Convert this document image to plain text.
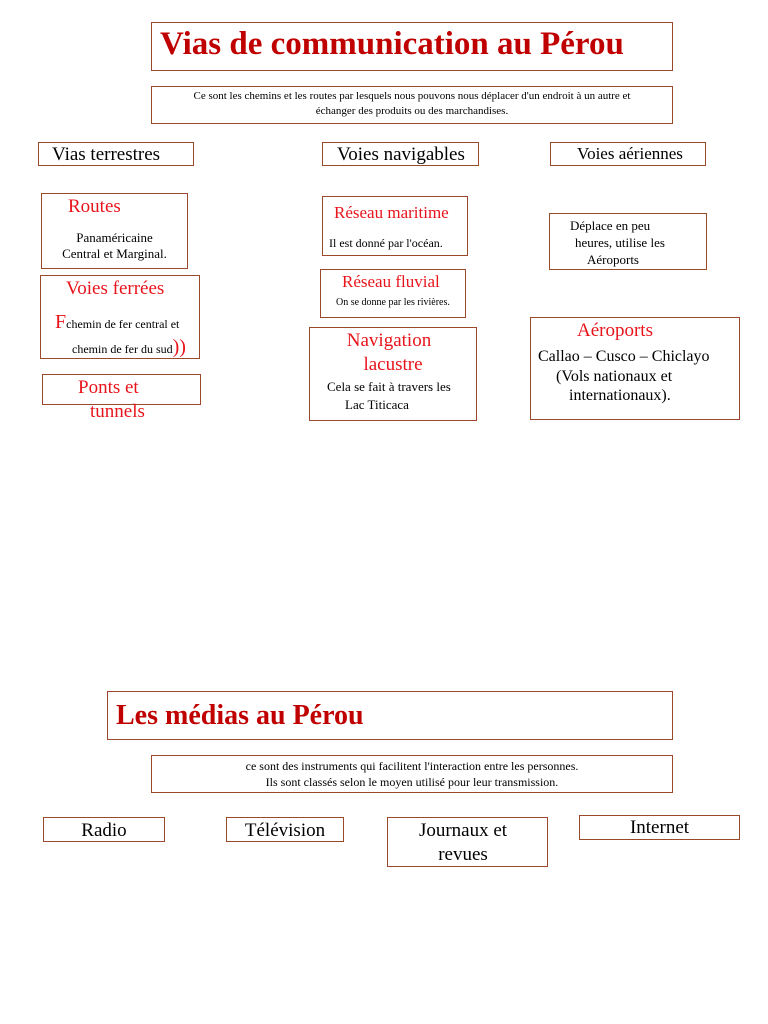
Vias de communication au Pérou
Ce sont les chemins et les routes par lesquels nous pouvons nous déplacer d'un endroit à un autre et
échanger des produits ou des marchandises.
Vias terrestres	Voies navigables	Voies aériennes
Routes
Panaméricaine
Central et Marginal.
Voies ferrées
Fchemin de fer central et
chemin de fer du sud))
Ponts et
tunnels
Réseau maritime
Il est donné par l'océan.
Réseau fluvial
On se donne par les rivières.
Navigation
lacustre
Cela se fait à travers les
Lac Titicaca
Déplace en peu
heures, utilise les
Aéroports
Aéroports
Callao – Cusco – Chiclayo
(Vols nationaux et
internationaux).
Les médias au Pérou
ce sont des instruments qui facilitent l'interaction entre les personnes.
Ils sont classés selon le moyen utilisé pour leur transmission.
Radio	Télévision	Journaux et
revues
Internet
